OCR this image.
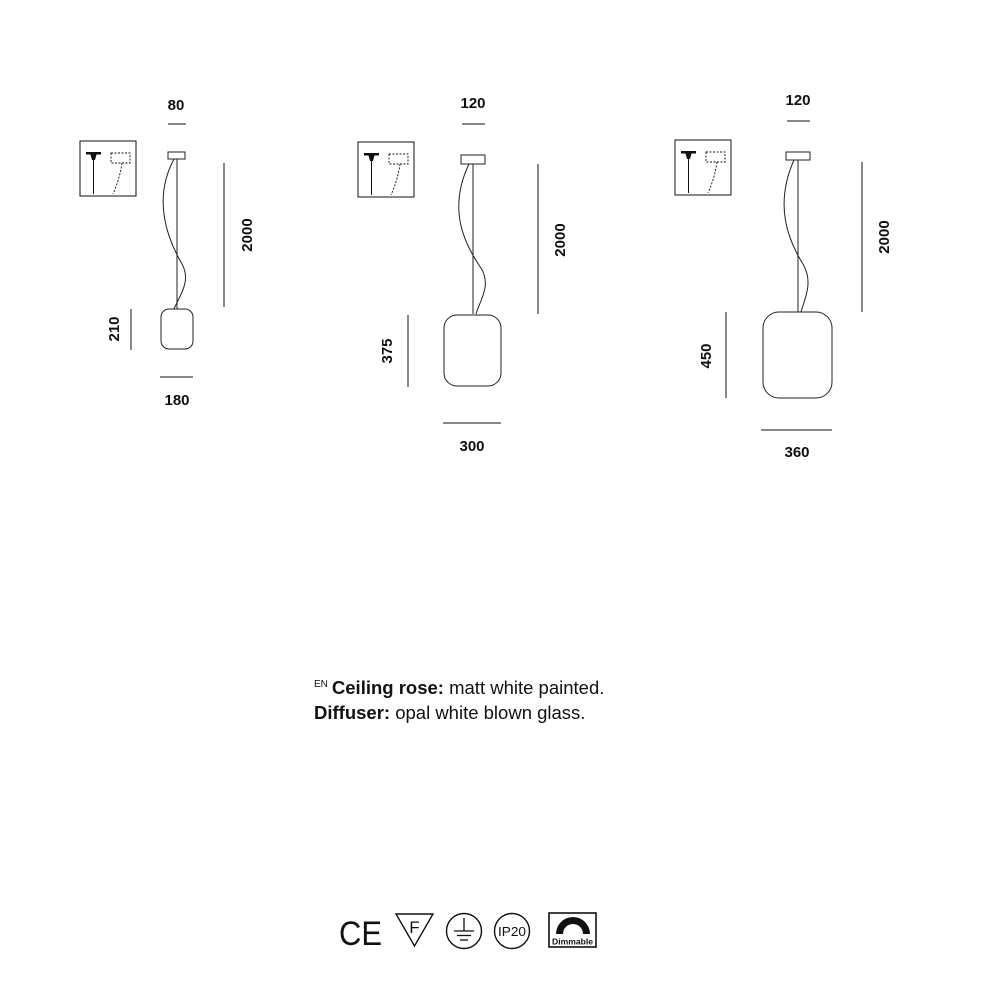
80
2000
210
180
120
2000
375
300
120
2000
450
360
CE F	IP20
Dimmable
$^{EN}$ Ceiling rose: matt white painted.
Diffuser: opal white blown glass.
